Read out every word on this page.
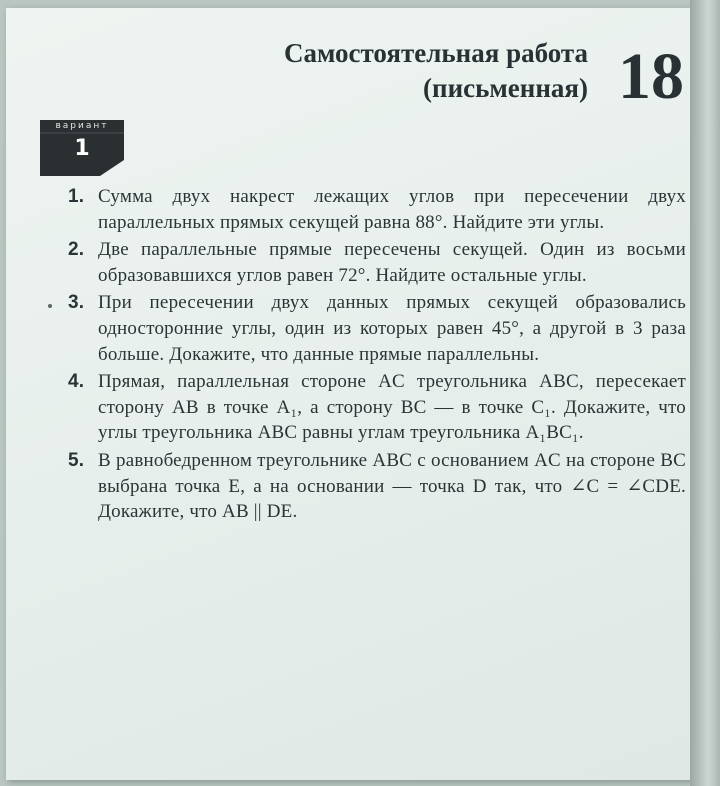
Самостоятельная работа
(письменная) 18
вариант
1
1. Сумма двух накрест лежащих углов при пересечении двух параллельных прямых секущей равна 88°. Найдите эти углы.
2. Две параллельные прямые пересечены секущей. Один из восьми образовавшихся углов равен 72°. Найдите остальные углы.
3. При пересечении двух данных прямых секущей образовались односторонние углы, один из которых равен 45°, а другой в 3 раза больше. Докажите, что данные прямые параллельны.
4. Прямая, параллельная стороне AC треугольника ABC, пересекает сторону AB в точке A₁, а сторону BC — в точке C₁. Докажите, что углы треугольника ABC равны углам треугольника A₁BC₁.
5. В равнобедренном треугольнике ABC с основанием AC на стороне BC выбрана точка E, а на основании — точка D так, что ∠C = ∠CDE. Докажите, что AB || DE.
